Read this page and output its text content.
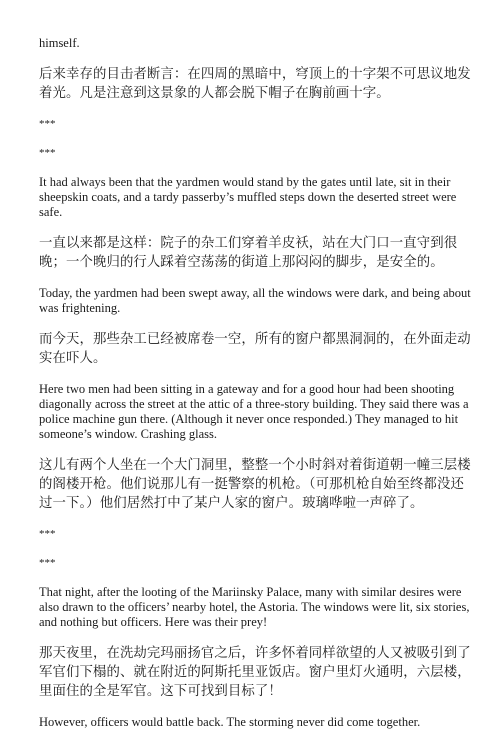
himself.

后来幸存的目击者断言：在四周的黑暗中，穹顶上的十字架不可思议地发着光。凡是注意到这景象的人都会脱下帽子在胸前画十字。

***

***

It had always been that the yardmen would stand by the gates until late, sit in their sheepskin coats, and a tardy passerby’s muffled steps down the deserted street were safe.

一直以来都是这样：院子的杂工们穿着羊皮袄，站在大门口一直守到很晚；一个晚归的行人踩着空荡荡的街道上那闷闷的脚步，是安全的。

Today, the yardmen had been swept away, all the windows were dark, and being about was frightening.

而今天，那些杂工已经被席卷一空，所有的窗户都黑洞洞的，在外面走动实在吓人。

Here two men had been sitting in a gateway and for a good hour had been shooting diagonally across the street at the attic of a three-story building. They said there was a police machine gun there. (Although it never once responded.) They managed to hit someone’s window. Crashing glass.

这儿有两个人坐在一个大门洞里，整整一个小时斜对着街道朝一幢三层楼的阁楼开枪。他们说那儿有一挺警察的机枪。（可那机枪自始至终都没还过一下。）他们居然打中了某户人家的窗户。玻璃哗啦一声碎了。

***

***

That night, after the looting of the Mariinsky Palace, many with similar desires were also drawn to the officers’ nearby hotel, the Astoria. The windows were lit, six stories, and nothing but officers. Here was their prey!

那天夜里，在洗劫完玛丽扬官之后，许多怀着同样欲望的人又被吸引到了军官们下榻的、就在附近的阿斯托里亚饭店。窗户里灯火通明，六层楼，里面住的全是军官。这下可找到目标了！

However, officers would battle back. The storming never did come together.
